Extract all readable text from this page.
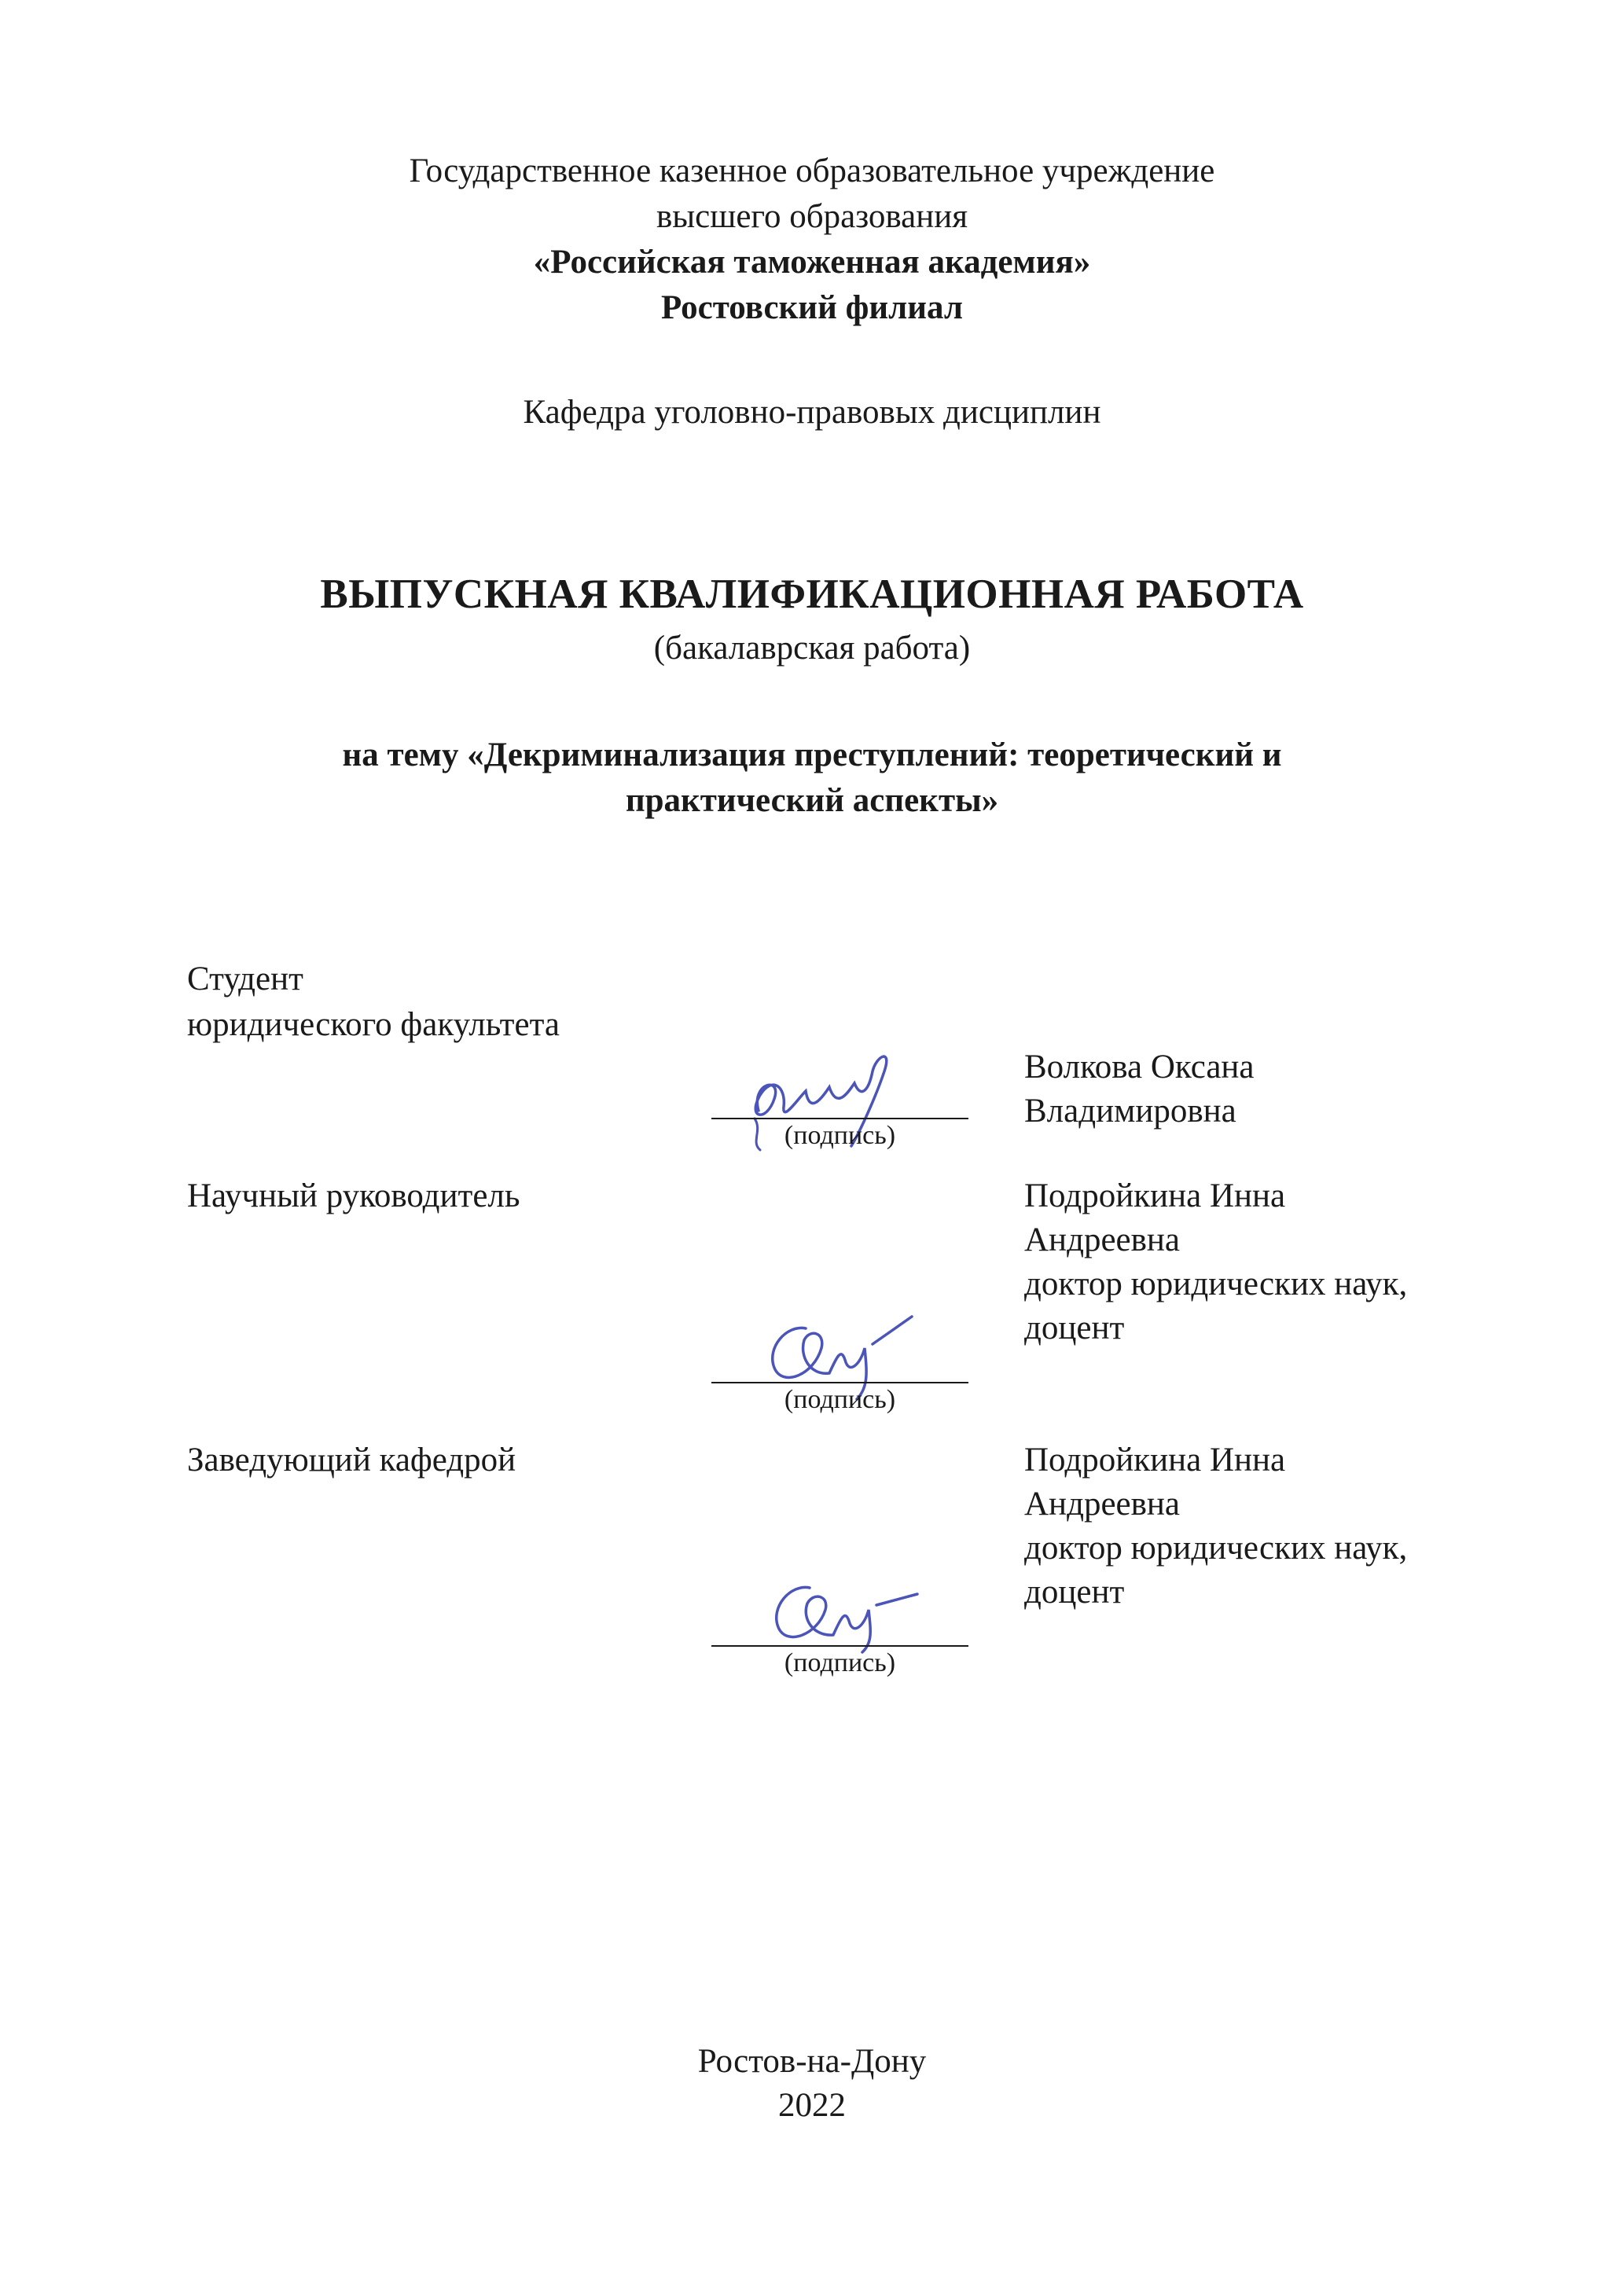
Государственное казенное образовательное учреждение
высшего образования
«Российская таможенная академия»
Ростовский филиал
Кафедра уголовно-правовых дисциплин
ВЫПУСКНАЯ КВАЛИФИКАЦИОННАЯ РАБОТА
(бакалаврская работа)
на тему «Декриминализация преступлений: теоретический и
практический аспекты»
Студент
юридического факультета
Волкова Оксана
Владимировна
(подпись)
Научный руководитель	Подройкина Инна
Андреевна
доктор юридических наук,
доцент
(подпись)
Заведующий кафедрой	Подройкина Инна
Андреевна
доктор юридических наук,
доцент
(подпись)
Ростов-на-Дону
2022
